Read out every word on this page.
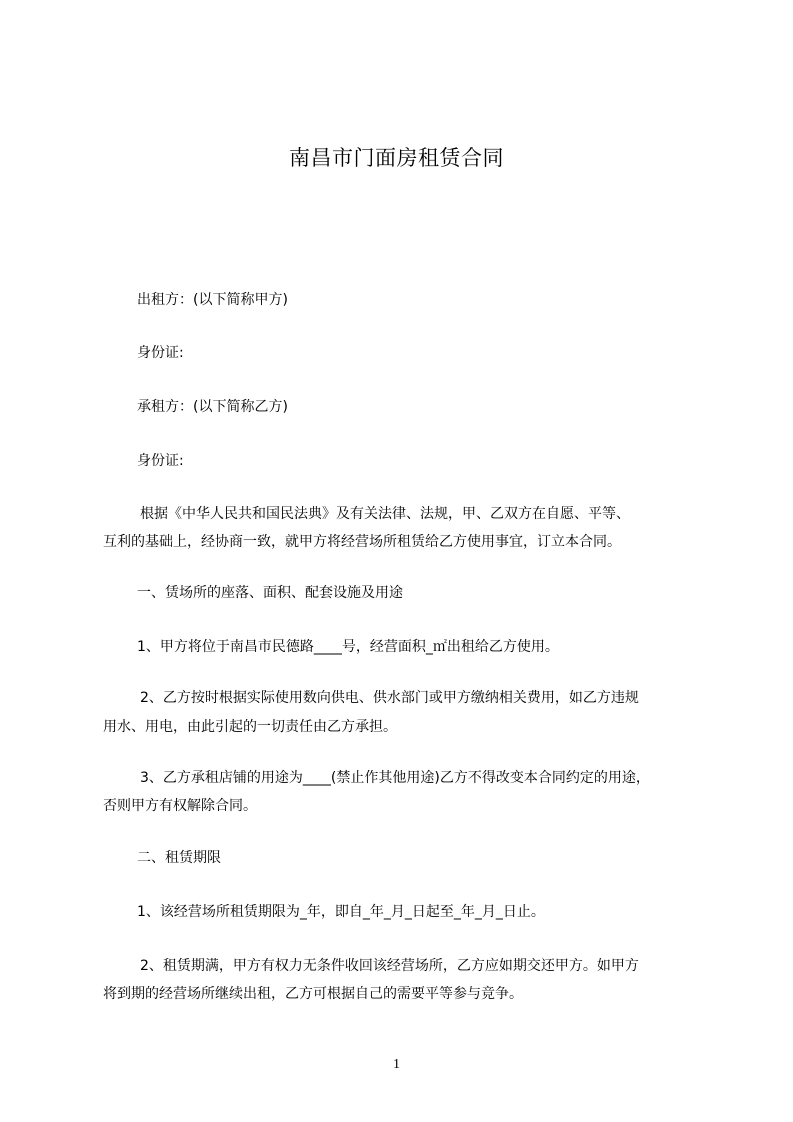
南昌市门面房租赁合同

出租方：(以下简称甲方)

身份证:

承租方：(以下简称乙方)

身份证:

根据《中华人民共和国民法典》及有关法律、法规，甲、乙双方在自愿、平等、

互利的基础上，经协商一致，就甲方将经营场所租赁给乙方使用事宜，订立本合同。

一、赁场所的座落、面积、配套设施及用途

1、甲方将位于南昌市民德路____号，经营面积_㎡出租给乙方使用。

2、乙方按时根据实际使用数向供电、供水部门或甲方缴纳相关费用，如乙方违规

用水、用电，由此引起的一切责任由乙方承担。

3、乙方承租店铺的用途为____(禁止作其他用途)乙方不得改变本合同约定的用途，

否则甲方有权解除合同。

二、租赁期限

1、该经营场所租赁期限为_年，即自_年_月_日起至_年_月_日止。

2、租赁期满，甲方有权力无条件收回该经营场所，乙方应如期交还甲方。如甲方

将到期的经营场所继续出租，乙方可根据自己的需要平等参与竞争。

1
